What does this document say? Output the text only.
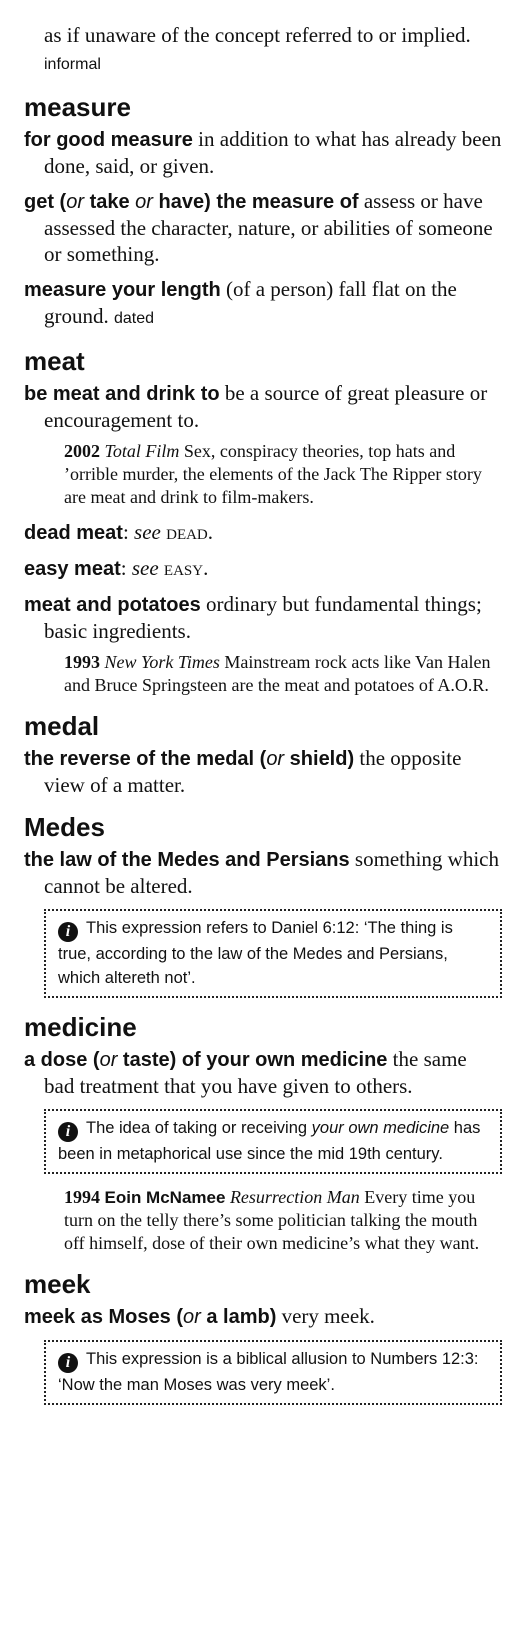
as if unaware of the concept referred to or implied. informal

measure

for good measure in addition to what has already been done, said, or given.

get (or take or have) the measure of assess or have assessed the character, nature, or abilities of someone or something.

measure your length (of a person) fall flat on the ground. dated

meat

be meat and drink to be a source of great pleasure or encouragement to.

2002 Total Film Sex, conspiracy theories, top hats and ’orrible murder, the elements of the Jack The Ripper story are meat and drink to film-makers.

dead meat: see dead.

easy meat: see easy.

meat and potatoes ordinary but fundamental things; basic ingredients.

1993 New York Times Mainstream rock acts like Van Halen and Bruce Springsteen are the meat and potatoes of A.O.R.

medal

the reverse of the medal (or shield) the opposite view of a matter.

Medes

the law of the Medes and Persians something which cannot be altered.

i This expression refers to Daniel 6:12: ‘The thing is true, according to the law of the Medes and Persians, which altereth not’.
medicine

a dose (or taste) of your own medicine the same bad treatment that you have given to others.

i The idea of taking or receiving your own medicine has been in metaphorical use since the mid 19th century.

1994 Eoin McNamee Resurrection Man Every time you turn on the telly there’s some politician talking the mouth off himself, dose of their own medicine’s what they want.

meek

meek as Moses (or a lamb) very meek.

i This expression is a biblical allusion to Numbers 12:3: ‘Now the man Moses was very meek’.
